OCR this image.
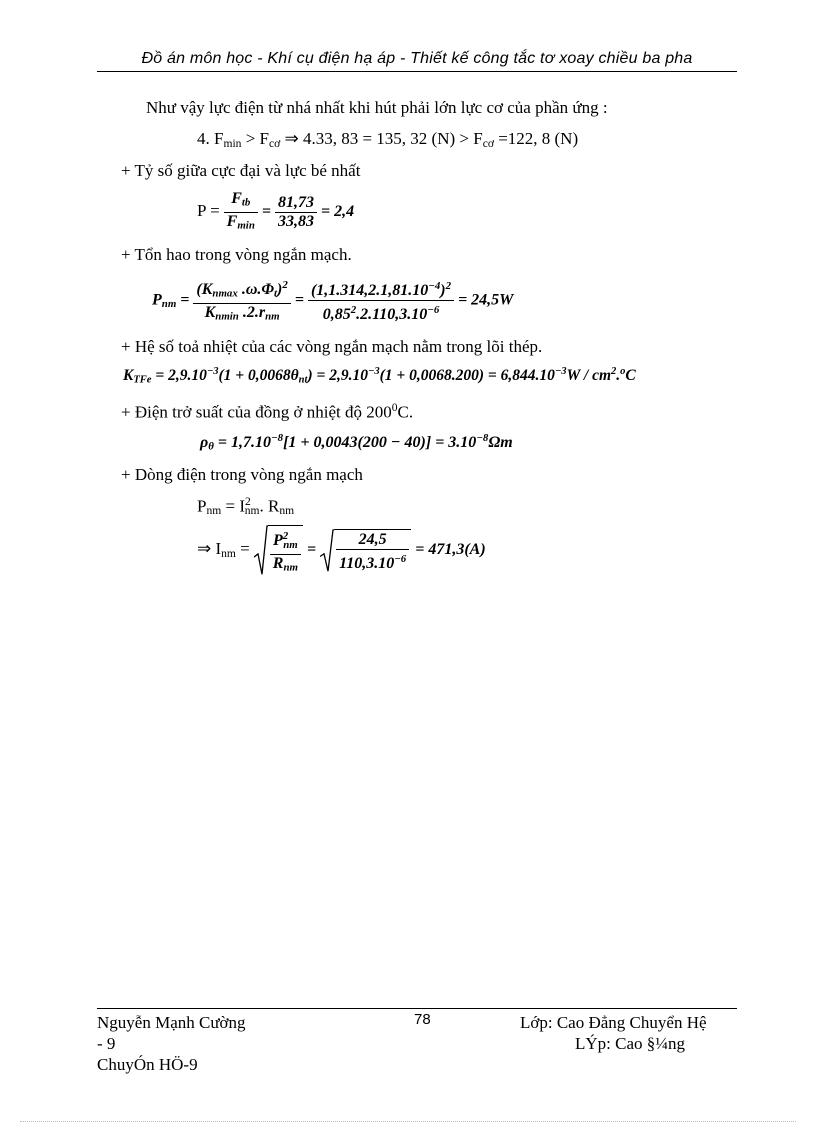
Đồ án môn học - Khí cụ điện hạ áp - Thiết kế công tắc tơ xoay chiều ba pha
Như vậy lực điện từ nhá nhất khi hút phải lớn lực cơ của phần ứng :
4. $F_{min} > F_{cơ}$ ⇒ 4.33, 83 = 135, 32 $(N) > F_{cơ} =122$, 8 (N)
+ Tỷ số giữa cực đại và lực bé nhất
$P = \frac{F_{tb}}{F_{min}} = \frac{81,73}{33,83} = 2,4$
+ Tổn hao trong vòng ngắn mạch.
$P_{nm} = \frac{(K_{nmax} .\omega.\Phi_t)^2}{K_{nmin} .2.r_{nm}} = \frac{(1,1.314,2.1,81.10^{-4})^2}{0,85^2.2.110,3.10^{-6}} = 24,5W$
+ Hệ số toả nhiệt của các vòng ngắn mạch nằm trong lõi thép.
$K_{TFe} = 2,9.10^{-3}(1 + 0,0068\theta_{nt}) = 2,9.10^{-3}(1 + 0,0068.200) = 6,844.10^{-3}W / cm^2.^oC$
+ Điện trở suất của đồng ở nhiệt độ $200^0C$.
$\rho_\theta = 1,7.10^{-8}[1 + 0,0043(200 - 40)] = 3.10^{-8}\Omega m$
+ Dòng điện trong vòng ngắn mạch
$P_{nm} = I^2_{nm}$. $R_{nm}$
⇒ $I_{nm} = \frac{P^2_{nm}}{R_{nm}} = \frac{24,5}{110,3.10^{-6}} = 471,3(A)$
Nguyễn Mạnh Cường
- 9
ChuyÓn HÖ-9
78	Lớp: Cao Đẳng Chuyển Hệ
LÝp: Cao §¼ng
